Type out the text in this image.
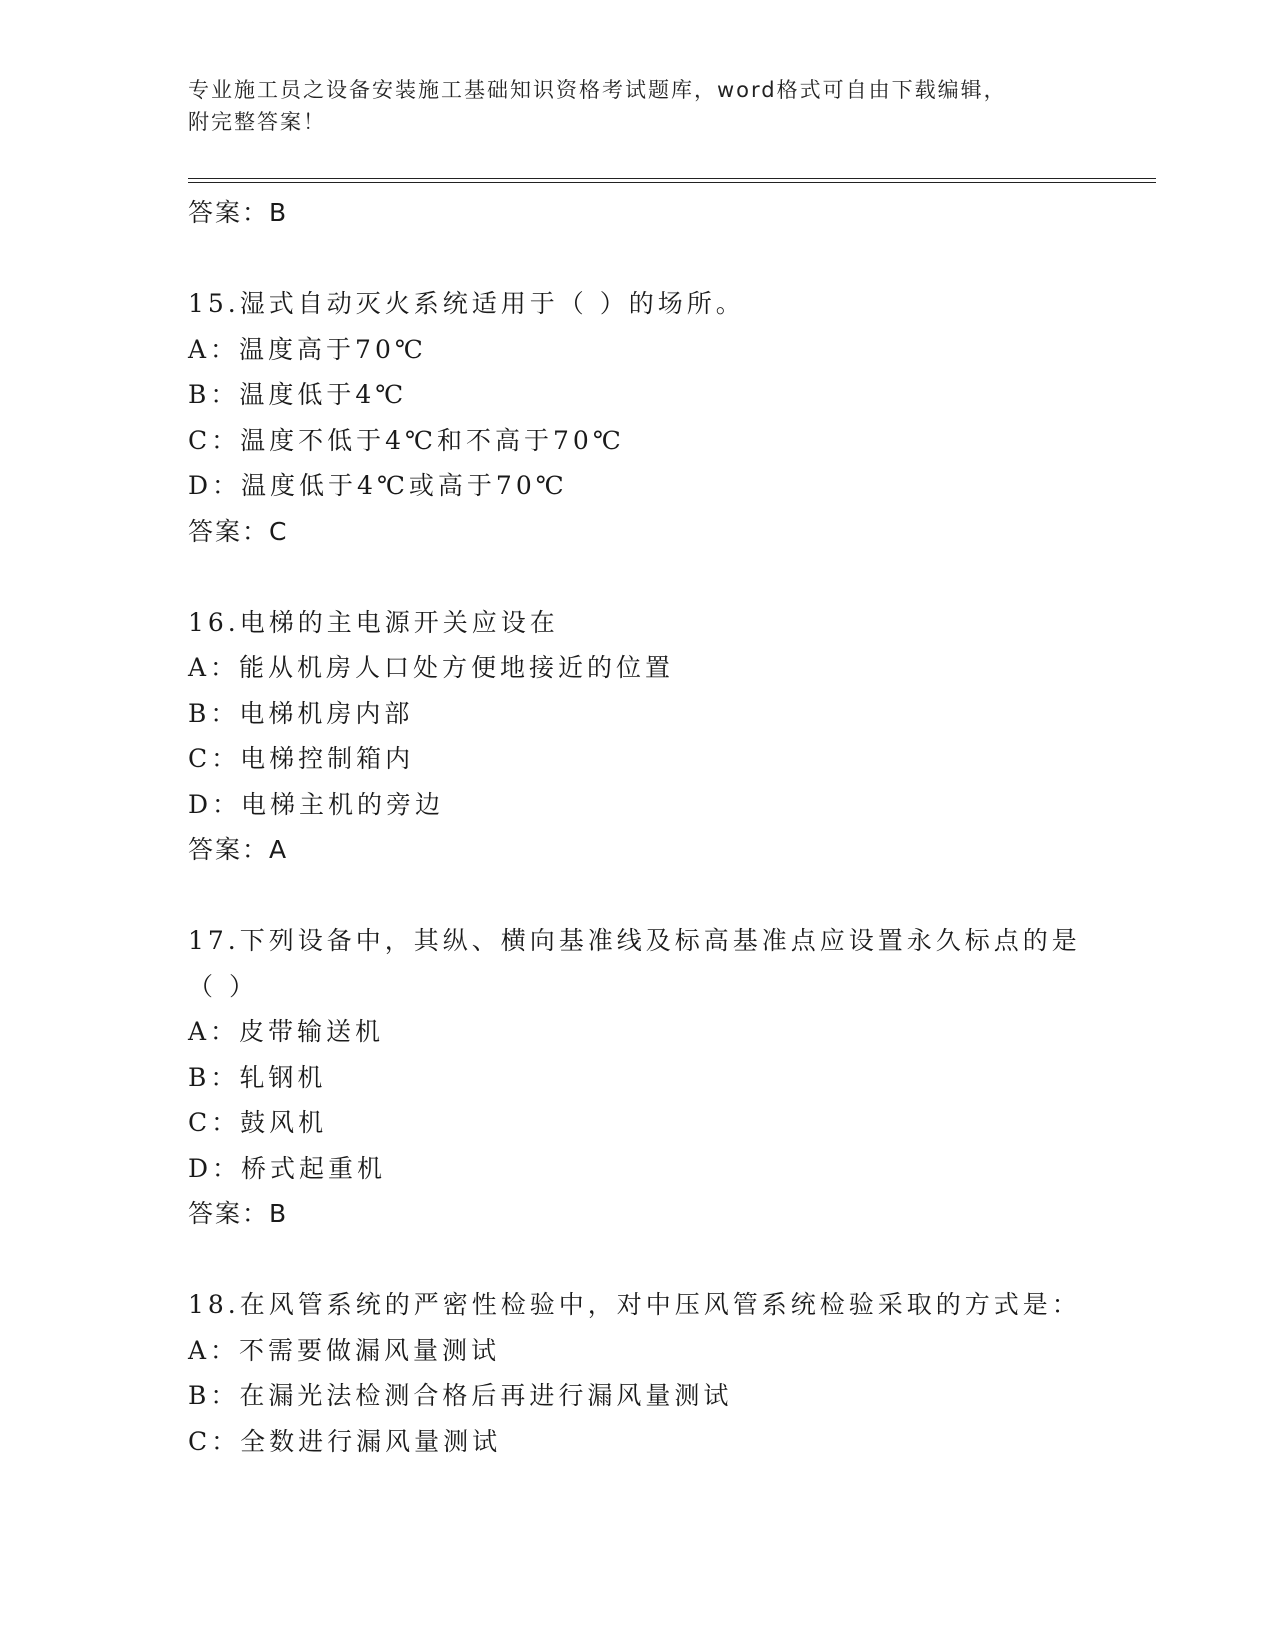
专业施工员之设备安装施工基础知识资格考试题库，word格式可自由下载编辑，
附完整答案！
答案：B
15.湿式自动灭火系统适用于（ ）的场所。
A：温度高于70℃
B：温度低于4℃
C：温度不低于4℃和不高于70℃
D：温度低于4℃或高于70℃
答案：C
16.电梯的主电源开关应设在
A：能从机房人口处方便地接近的位置
B：电梯机房内部
C：电梯控制箱内
D：电梯主机的旁边
答案：A
17.下列设备中，其纵、横向基准线及标高基准点应设置永久标点的是
（ ）
A：皮带输送机
B：轧钢机
C：鼓风机
D：桥式起重机
答案：B
18.在风管系统的严密性检验中，对中压风管系统检验采取的方式是：
A：不需要做漏风量测试
B：在漏光法检测合格后再进行漏风量测试
C：全数进行漏风量测试
